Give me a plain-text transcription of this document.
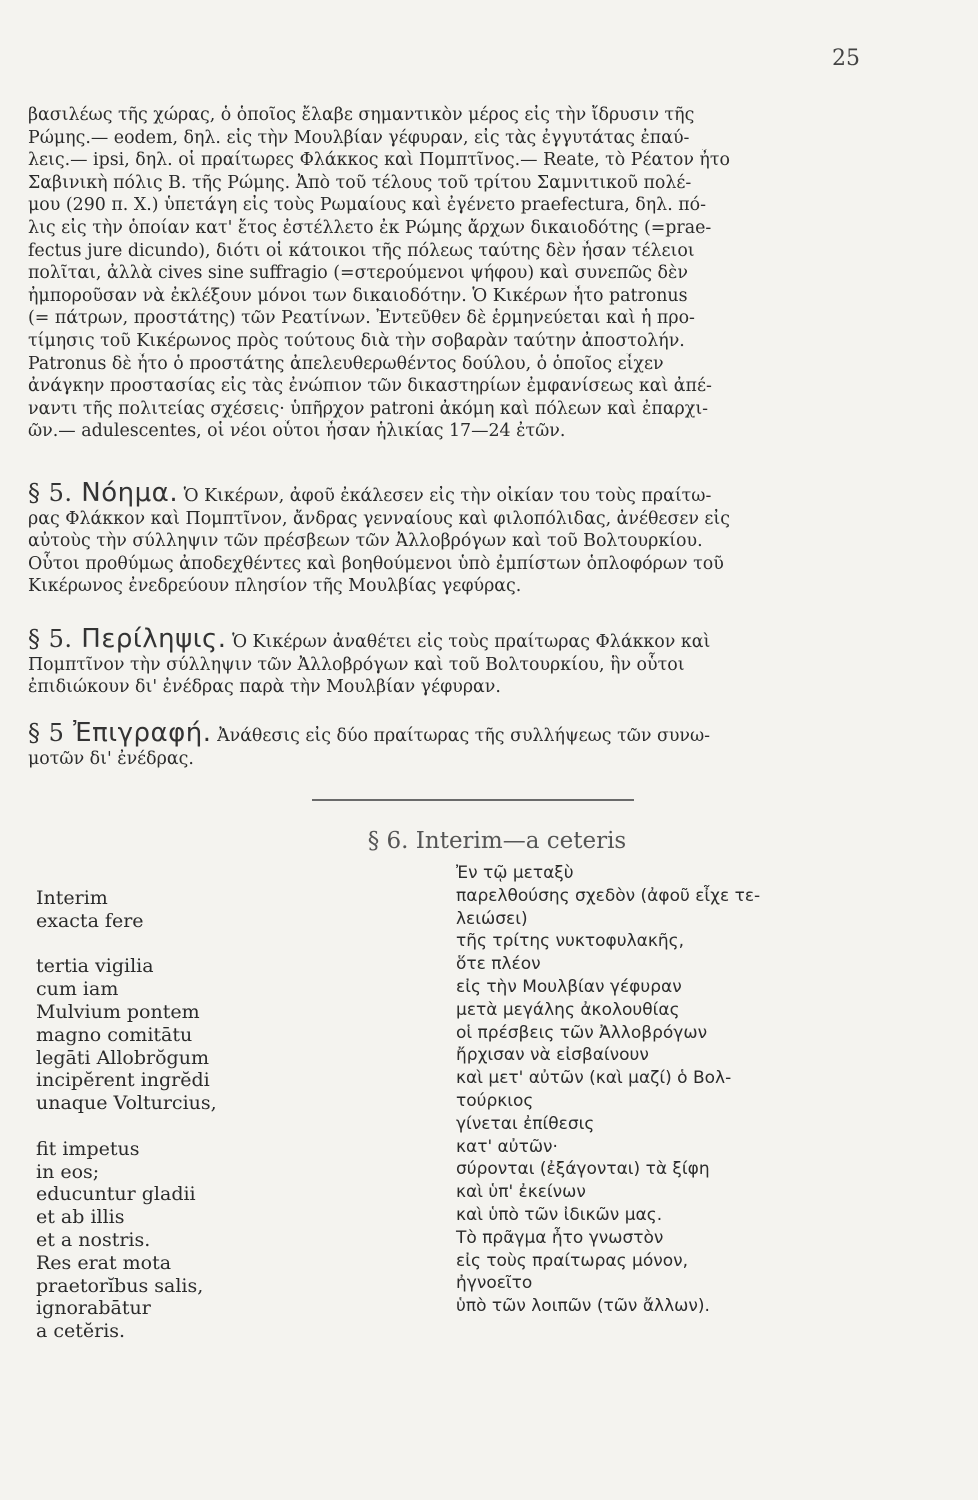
25
βασιλέως τῆς χώρας, ὁ ὁποῖος ἔλαβε σημαντικὸν μέρος εἰς τὴν ἴδρυσιν τῆς
Ρώμης.— eodem, δηλ. εἰς τὴν Μουλβίαν γέφυραν, εἰς τὰς ἐγγυτάτας ἐπαύ-
λεις.— ipsi, δηλ. οἱ πραίτωρες Φλάκκος καὶ Πομπτῖνος.— Reate, τὸ Ρέατον ἦτο
Σαβινικὴ πόλις Β. τῆς Ρώμης. Ἀπὸ τοῦ τέλους τοῦ τρίτου Σαμνιτικοῦ πολέ-
μου (290 π. Χ.) ὑπετάγη εἰς τοὺς Ρωμαίους καὶ ἐγένετο praefectura, δηλ. πό-
λις εἰς τὴν ὁποίαν κατ' ἔτος ἐστέλλετο ἐκ Ρώμης ἄρχων δικαιοδότης (=prae-
fectus jure dicundo), διότι οἱ κάτοικοι τῆς πόλεως ταύτης δὲν ἦσαν τέλειοι
πολῖται, ἀλλὰ cives sine suffragio (=στερούμενοι ψήφου) καὶ συνεπῶς δὲν
ἠμποροῦσαν νὰ ἐκλέξουν μόνοι των δικαιοδότην. Ὁ Κικέρων ἦτο patronus
(= πάτρων, προστάτης) τῶν Ρεατίνων. Ἐντεῦθεν δὲ ἑρμηνεύεται καὶ ἡ προ-
τίμησις τοῦ Κικέρωνος πρὸς τούτους διὰ τὴν σοβαρὰν ταύτην ἀποστολήν.
Patronus δὲ ἦτο ὁ προστάτης ἀπελευθερωθέντος δούλου, ὁ ὁποῖος εἶχεν
ἀνάγκην προστασίας εἰς τὰς ἐνώπιον τῶν δικαστηρίων ἐμφανίσεως καὶ ἀπέ-
ναντι τῆς πολιτείας σχέσεις· ὑπῆρχον patroni ἀκόμη καὶ πόλεων καὶ ἐπαρχι-
ῶν.— adulescentes, οἱ νέοι οὗτοι ἦσαν ἡλικίας 17—24 ἐτῶν.
§ 5. Νόημα. Ὁ Κικέρων, ἀφοῦ ἐκάλεσεν εἰς τὴν οἰκίαν του τοὺς πραίτω-
ρας Φλάκκον καὶ Πομπτῖνον, ἄνδρας γενναίους καὶ φιλοπόλιδας, ἀνέθεσεν εἰς
αὐτοὺς τὴν σύλληψιν τῶν πρέσβεων τῶν Ἀλλοβρόγων καὶ τοῦ Βολτουρκίου.
Οὗτοι προθύμως ἀποδεχθέντες καὶ βοηθούμενοι ὑπὸ ἐμπίστων ὁπλοφόρων τοῦ
Κικέρωνος ἐνεδρεύουν πλησίον τῆς Μουλβίας γεφύρας.
§ 5. Περίληψις. Ὁ Κικέρων ἀναθέτει εἰς τοὺς πραίτωρας Φλάκκον καὶ
Πομπτῖνον τὴν σύλληψιν τῶν Ἀλλοβρόγων καὶ τοῦ Βολτουρκίου, ἣν οὗτοι
ἐπιδιώκουν δι' ἐνέδρας παρὰ τὴν Μουλβίαν γέφυραν.
§ 5 Ἐπιγραφή. Ἀνάθεσις εἰς δύο πραίτωρας τῆς συλλήψεως τῶν συνω-
μοτῶν δι' ἐνέδρας.
§ 6. Interim—a ceteris
Interim
exacta fere
tertia vigilia
cum iam
Mulvium pontem
magno comitātu
legāti Allobrŏgum
incipĕrent ingrĕdi
unaque Volturcius,
fit impetus
in eos;
educuntur gladii
et ab illis
et a nostris.
Res erat mota
praetorĭbus salis,
ignorabātur
a cetĕris.
Ἐν τῷ μεταξὺ
παρελθούσης σχεδὸν (ἀφοῦ εἶχε τε-
λειώσει)
τῆς τρίτης νυκτοφυλακῆς,
ὅτε πλέον
εἰς τὴν Μουλβίαν γέφυραν
μετὰ μεγάλης ἀκολουθίας
οἱ πρέσβεις τῶν Ἀλλοβρόγων
ἤρχισαν νὰ εἰσβαίνουν
καὶ μετ' αὐτῶν (καὶ μαζί) ὁ Βολ-
τούρκιος
γίνεται ἐπίθεσις
κατ' αὐτῶν·
σύρονται (ἐξάγονται) τὰ ξίφη
καὶ ὑπ' ἐκείνων
καὶ ὑπὸ τῶν ἰδικῶν μας.
Τὸ πρᾶγμα ἦτο γνωστὸν
εἰς τοὺς πραίτωρας μόνον,
ἠγνοεῖτο
ὑπὸ τῶν λοιπῶν (τῶν ἄλλων).
